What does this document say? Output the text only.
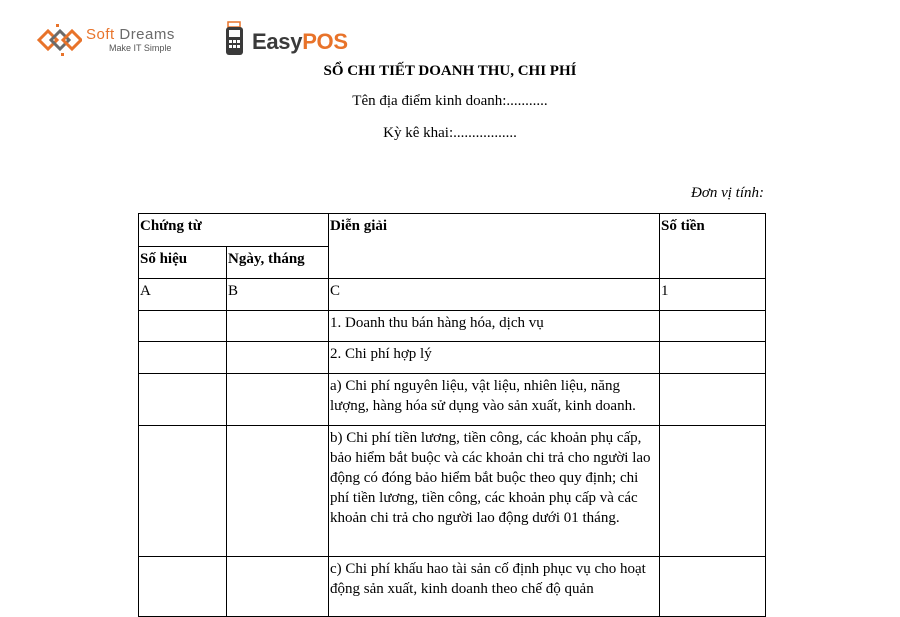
Soft Dreams
Make IT Simple	EasyPOS
SỔ CHI TIẾT DOANH THU, CHI PHÍ
Tên địa điểm kinh doanh:...........
Kỳ kê khai:.................
Đơn vị tính:
Chứng từ		Diễn giải	Số tiền
Số hiệu	Ngày, tháng		
A	B	C	1
		1. Doanh thu bán hàng hóa, dịch vụ	
		2. Chi phí hợp lý	
		a) Chi phí nguyên liệu, vật liệu, nhiên liệu, năng lượng, hàng hóa sử dụng vào sản xuất, kinh doanh.	
		b) Chi phí tiền lương, tiền công, các khoản phụ cấp, bảo hiểm bắt buộc và các khoản chi trả cho người lao động có đóng bảo hiểm bắt buộc theo quy định; chi phí tiền lương, tiền công, các khoản phụ cấp và các khoản chi trả cho người lao động dưới 01 tháng.	
		c) Chi phí khấu hao tài sản cố định phục vụ cho hoạt động sản xuất, kinh doanh theo chế độ quản	
